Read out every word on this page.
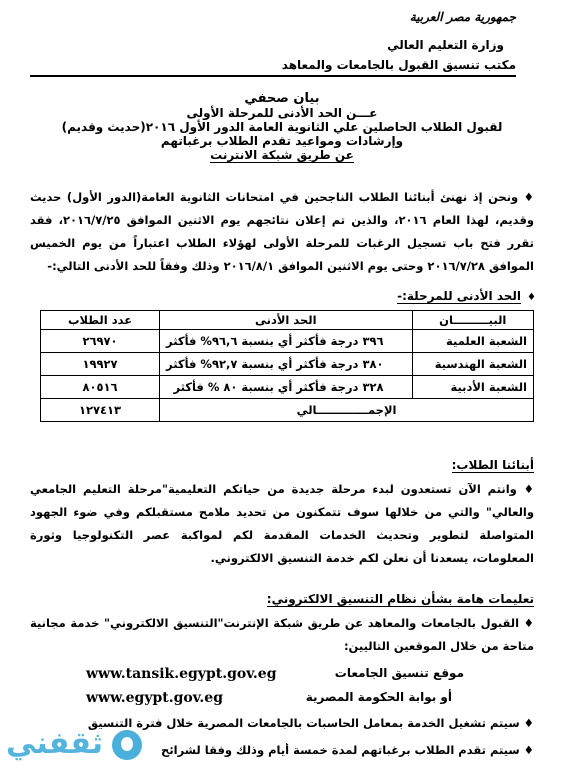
جمهورية مصر العربية
وزارة التعليم العالي
مكتب تنسيق القبول بالجامعات والمعاهد
بيان صحفي
عـــن الحد الأدنى للمرحلة الأولى
لقبول الطلاب الحاصلين علي الثانوية العامة الدور الأول ٢٠١٦(حديث وقديم)
وإرشادات ومواعيد تقدم الطلاب برغباتهم
عن طريق شبكة الانترنت
♦ ونحن إذ نهنئ أبنائنا الطلاب الناجحين في امتحانات الثانوية العامة(الدور الأول) حديث وقديم، لهذا العام ٢٠١٦، والذين تم إعلان نتائجهم يوم الاثنين الموافق ٢٠١٦/٧/٢٥، فقد تقرر فتح باب تسجيل الرغبات للمرحلة الأولى لهؤلاء الطلاب اعتباراً من يوم الخميس الموافق ٢٠١٦/٧/٢٨ وحتى يوم الاثنين الموافق ٢٠١٦/٨/١ وذلك وفقاً للحد الأدنى التالي:-
♦الحد الأدنى للمرحلة:-
البيـــــــــان	الحد الأدنى	عدد الطلاب
الشعبة العلمية	٣٩٦ درجة فأكثر أي بنسبة ٩٦,٦% فأكثر	٢٦٩٧٠
الشعبة الهندسية	٣٨٠ درجة فأكثر أي بنسبة ٩٢,٧% فأكثر	١٩٩٢٧
الشعبة الأدبية	٣٢٨ درجة فأكثر أي بنسبة ٨٠ % فأكثر	٨٠٥١٦
الإجمـــــــــــــالي		١٢٧٤١٣
أبنائنا الطلاب:
♦ وانتم الآن تستعدون لبدء مرحلة جديدة من حياتكم التعليمية"مرحلة التعليم الجامعي والعالي" والتي من خلالها سوف تتمكنون من تحديد ملامح مستقبلكم وفي ضوء الجهود المتواصلة لتطوير وتحديث الخدمات المقدمة لكم لمواكبة عصر التكنولوجيا وثورة المعلومات، يسعدنا أن نعلن لكم خدمة التنسيق الالكتروني.
تعليمات هامة بشأن نظام التنسيق الالكتروني:
♦ القبول بالجامعات والمعاهد عن طريق شبكة الإنترنت"التنسيق الالكتروني" خدمة مجانية متاحة من خلال الموقعين التاليين:
موقع تنسيق الجامعات
www.tansik.egypt.gov.eg
أو بوابة الحكومة المصرية
www.egypt.gov.eg
♦ سيتم تشغيل الخدمة بمعامل الحاسبات بالجامعات المصرية خلال فترة التنسيق
♦ سيتم تقدم الطلاب برغباتهم لمدة خمسة أيام وذلك وفقا لشرائح
ثقفني
